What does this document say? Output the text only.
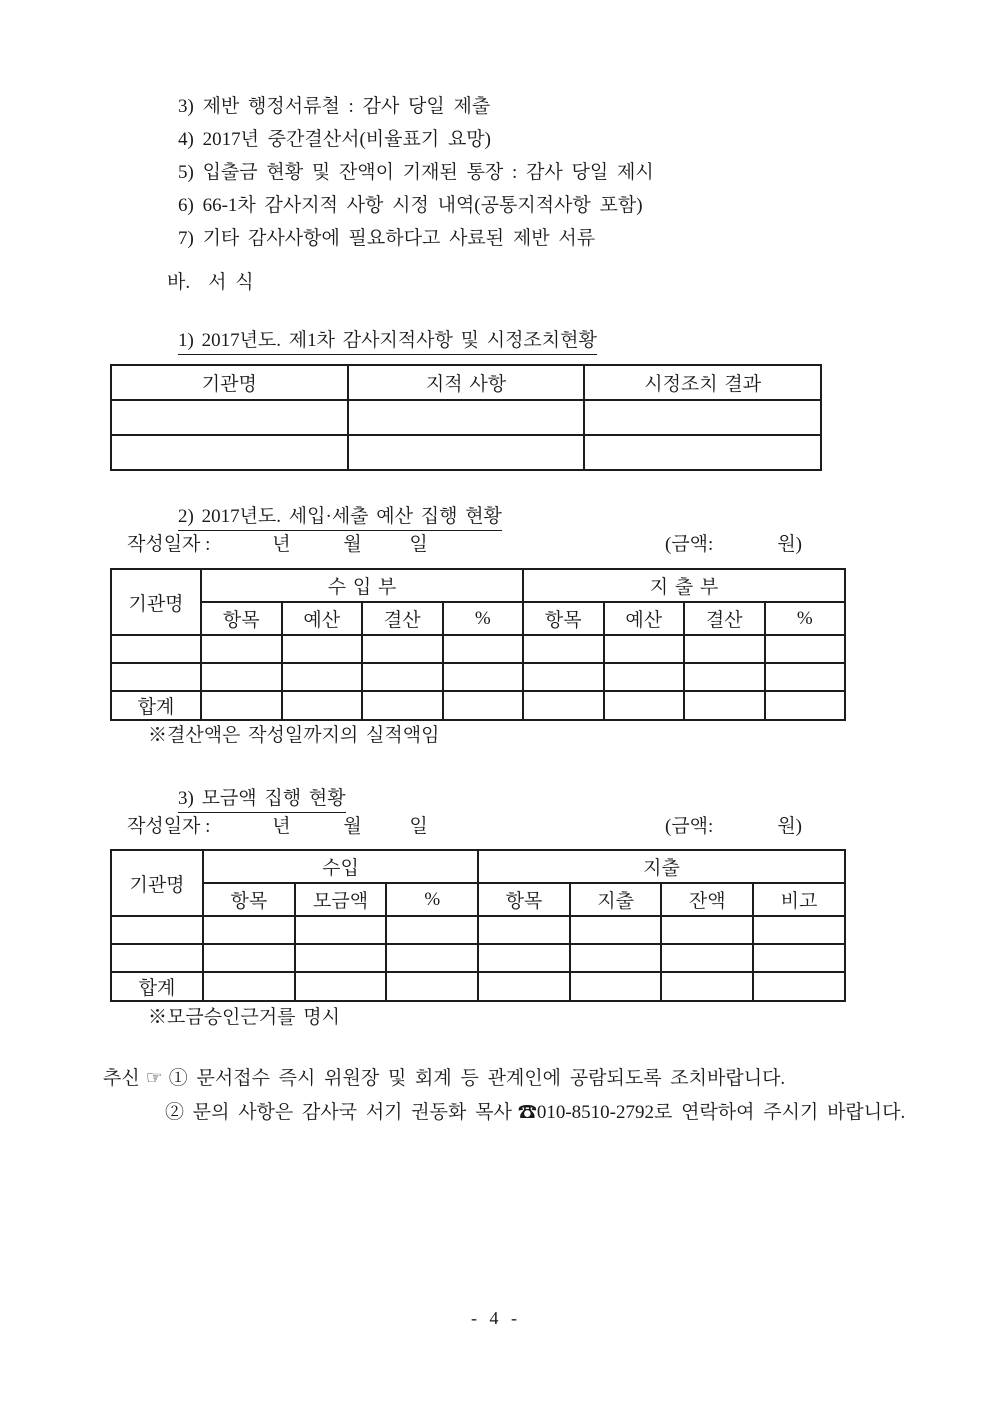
3) 제반 행정서류철 : 감사 당일 제출
4) 2017년 중간결산서(비율표기 요망)
5) 입출금 현황 및 잔액이 기재된 통장 : 감사 당일 제시
6) 66-1차 감사지적 사항 시정 내역(공통지적사항 포함)
7) 기타 감사사항에 필요하다고 사료된 제반 서류
바. 서 식
1) 2017년도. 제1차 감사지적사항 및 시정조치현황
기관명	지적 사항	시정조치 결과

2) 2017년도. 세입·세출 예산 집행 현황
작성일자 :	년	월	일	(금액:	원)
기관명	수 입 부				지 출 부			
	항목	예산	결산	%	항목	예산	결산	%

합계								
※결산액은 작성일까지의 실적액임
3) 모금액 집행 현황
작성일자 :	년	월	일	(금액:	원)
기관명	수입			지출			
	항목	모금액	%	항목	지출	잔액	비고

합계							
※모금승인근거를 명시
추신 ☞ ① 문서접수 즉시 위원장 및 회계 등 관계인에 공람되도록 조치바랍니다.
② 문의 사항은 감사국 서기 권동화 목사 ☎010-8510-2792로 연락하여 주시기 바랍니다.
- 4 -
